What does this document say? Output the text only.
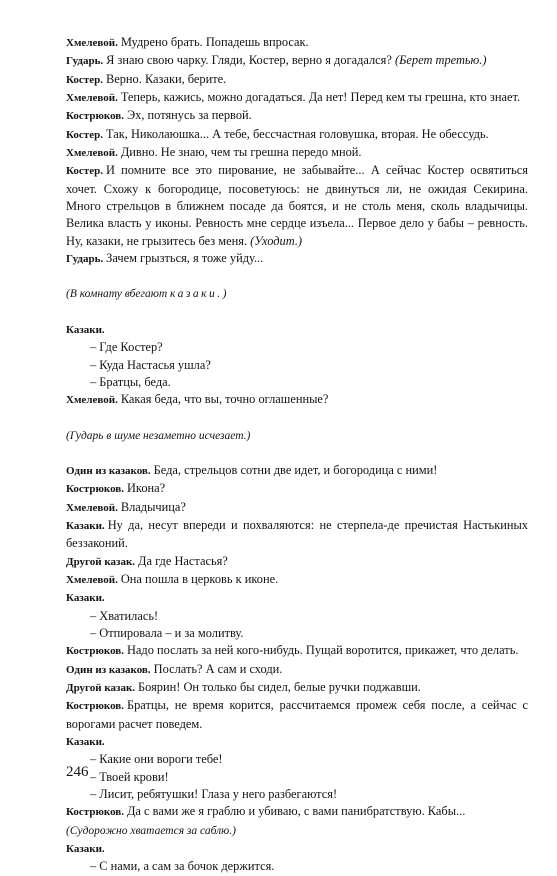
Хмелевой. Мудрено брать. Попадешь впросак.

Гударь. Я знаю свою чарку. Гляди, Костер, верно я догадался? (Берет третью.)

Костер. Верно. Казаки, берите.

Хмелевой. Теперь, кажись, можно догадаться. Да нет! Перед кем ты грешна, кто знает.

Кострюков. Эх, потянусь за первой.

Костер. Так, Николаюшка... А тебе, бессчастная головушка, вторая. Не обессудь.

Хмелевой. Дивно. Не знаю, чем ты грешна передо мной.

Костер. И помните все это пирование, не забывайте... А сейчас Костер освятиться хочет. Схожу к богородице, посоветуюсь: не двинуться ли, не ожидая Секирина. Много стрельцов в ближнем посаде да боятся, и не столь меня, сколь владычицы. Велика власть у иконы. Ревность мне сердце изъела... Первое дело у бабы – ревность. Ну, казаки, не грызитесь без меня. (Уходит.)

Гударь. Зачем грызться, я тоже уйду...

(В комнату вбегают казаки.)

Казаки.

– Где Костер?

– Куда Настасья ушла?

– Братцы, беда.

Хмелевой. Какая беда, что вы, точно оглашенные?

(Гударь в шуме незаметно исчезает.)

Один из казаков. Беда, стрельцов сотни две идет, и богородица с ними!

Кострюков. Икона?

Хмелевой. Владычица?

Казаки. Ну да, несут впереди и похваляются: не стерпела-де пречистая Настькиных беззаконий.

Другой казак. Да где Настасья?

Хмелевой. Она пошла в церковь к иконе.

Казаки.

– Хватилась!

– Отпировала – и за молитву.

Кострюков. Надо послать за ней кого-нибудь. Пущай воротится, прикажет, что делать.

Один из казаков. Послать? А сам и сходи.

Другой казак. Боярин! Он только бы сидел, белые ручки поджавши.

Кострюков. Братцы, не время корится, рассчитаемся промеж себя после, а сейчас с ворогами расчет поведем.

Казаки.

– Какие они вороги тебе!

– Твоей крови!

– Лисит, ребятушки! Глаза у него разбегаются!

Кострюков. Да с вами же я граблю и убиваю, с вами панибратствую. Кабы...

(Судорожно хватается за саблю.)

Казаки.

– С нами, а сам за бочок держится.

246
